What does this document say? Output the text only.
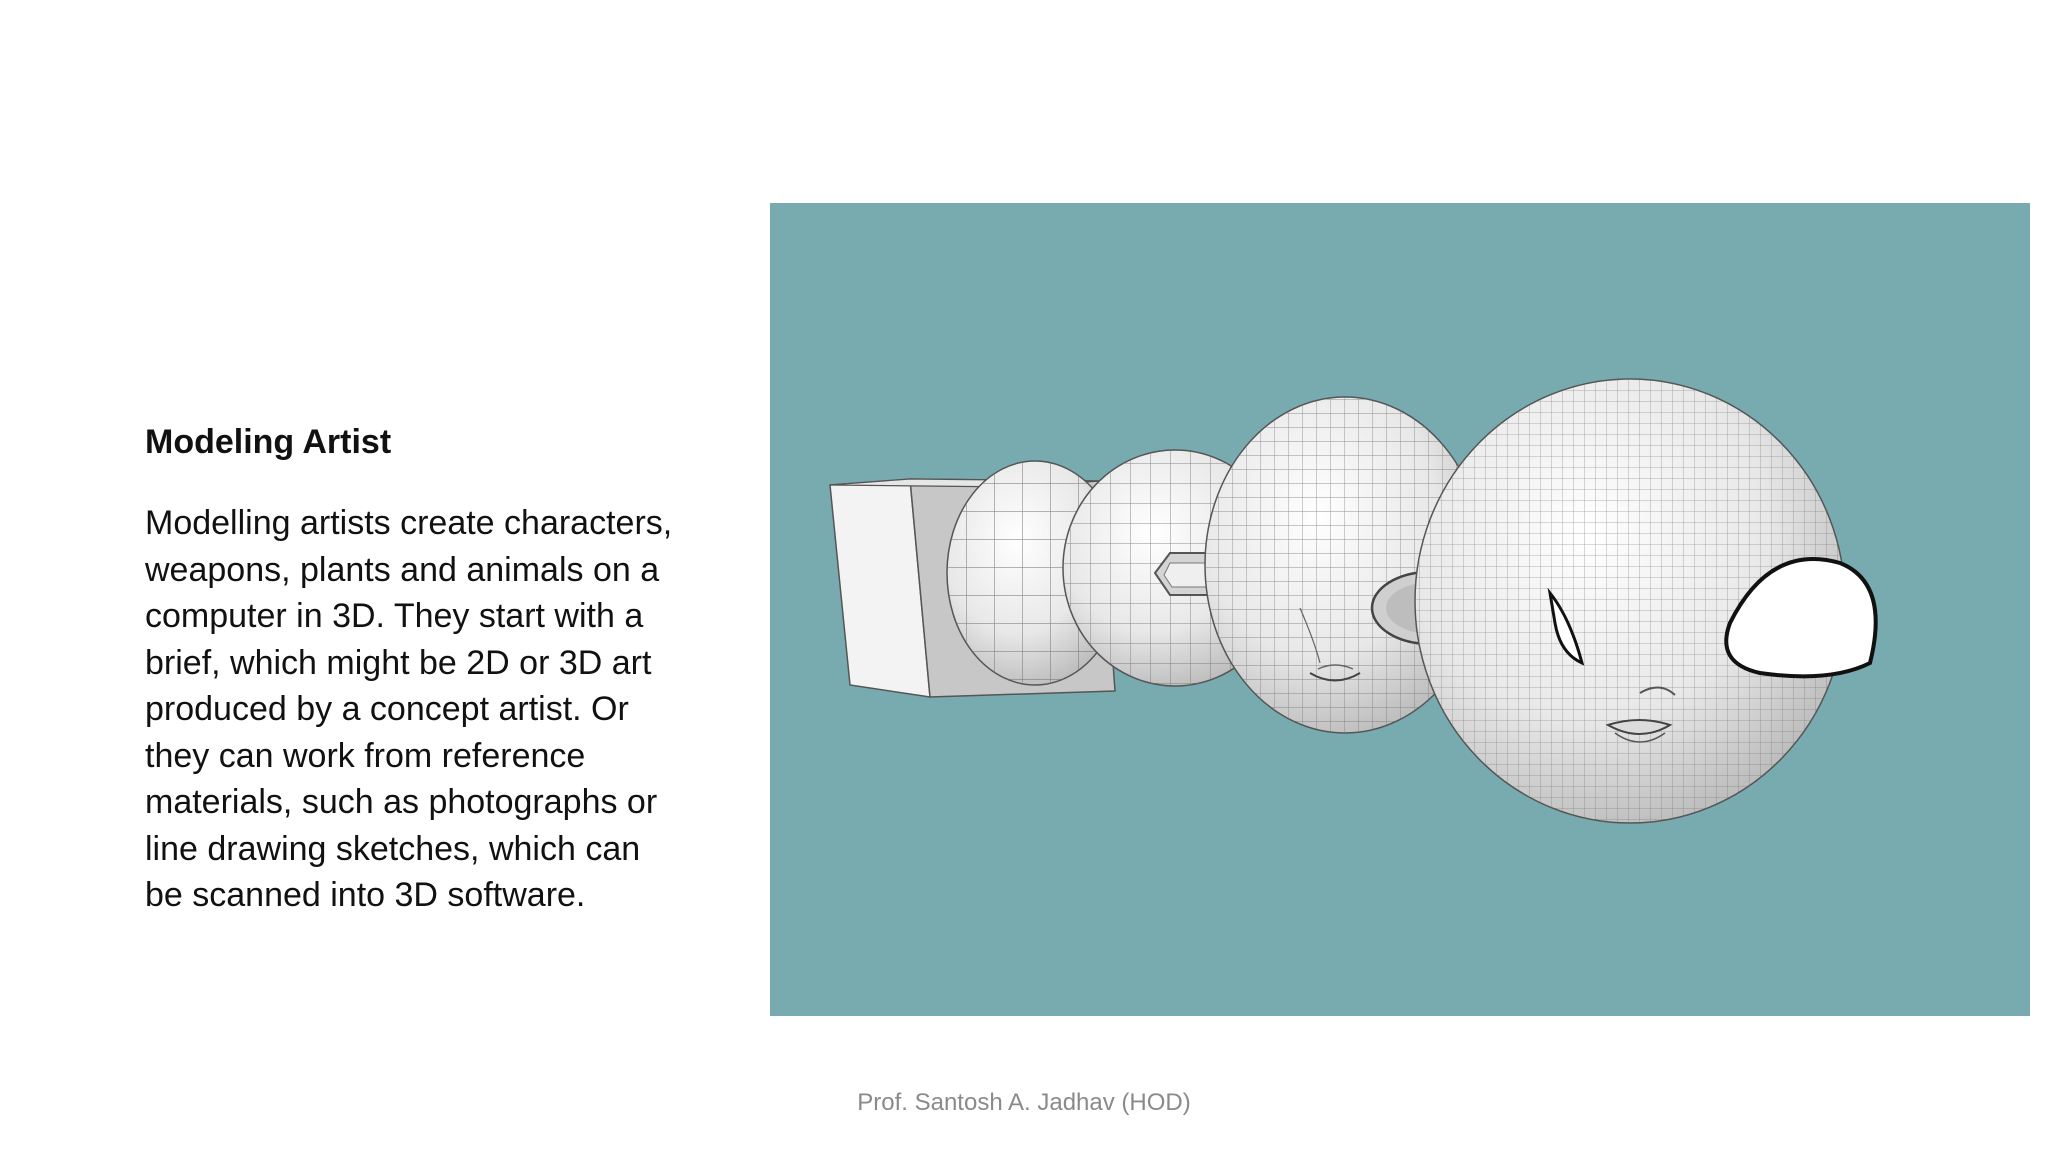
Modeling Artist

Modelling artists create characters, weapons, plants and animals on a computer in 3D. They start with a brief, which might be 2D or 3D art produced by a concept artist. Or they can work from reference materials, such as photographs or line drawing sketches, which can be scanned into 3D software.

Prof. Santosh A. Jadhav (HOD)
